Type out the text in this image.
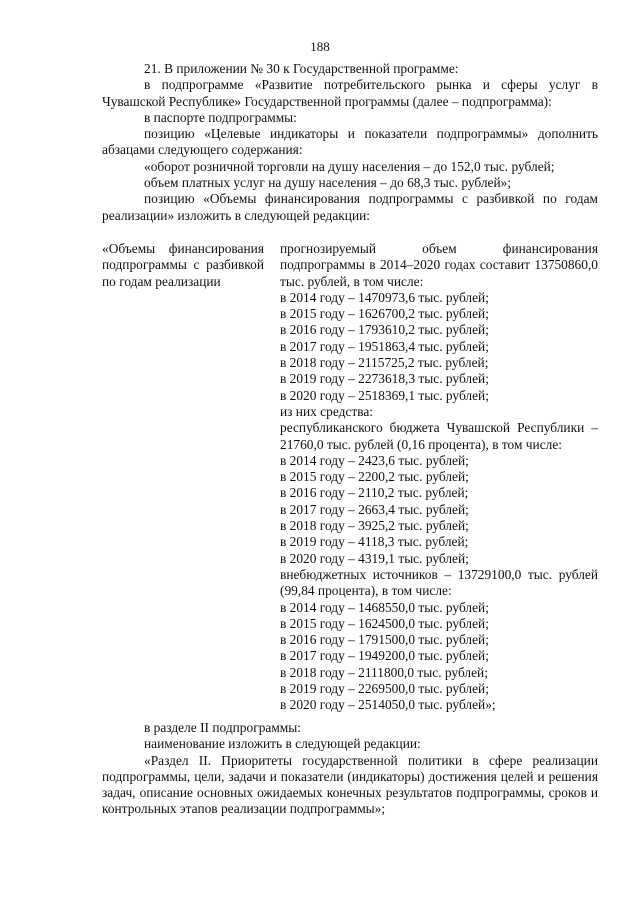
188

21. В приложении № 30 к Государственной программе:

в подпрограмме «Развитие потребительского рынка и сферы услуг в Чувашской Республике» Государственной программы (далее – подпрограмма):

в паспорте подпрограммы:

позицию «Целевые индикаторы и показатели подпрограммы» дополнить абзацами следующего содержания:

«оборот розничной торговли на душу населения – до 152,0 тыс. рублей;

объем платных услуг на душу населения – до 68,3 тыс. рублей»;

позицию «Объемы финансирования подпрограммы с разбивкой по годам реализации» изложить в следующей редакции:

«Объемы финансирования подпрограммы с разбивкой по годам реализации

прогнозируемый объем финансирования подпрограммы в 2014–2020 годах составит 13750860,0 тыс. рублей, в том числе:

в 2014 году – 1470973,6 тыс. рублей;

в 2015 году – 1626700,2 тыс. рублей;

в 2016 году – 1793610,2 тыс. рублей;

в 2017 году – 1951863,4 тыс. рублей;

в 2018 году – 2115725,2 тыс. рублей;

в 2019 году – 2273618,3 тыс. рублей;

в 2020 году – 2518369,1 тыс. рублей;

из них средства:

республиканского бюджета Чувашской Республики – 21760,0 тыс. рублей (0,16 процента), в том числе:

в 2014 году – 2423,6 тыс. рублей;

в 2015 году – 2200,2 тыс. рублей;

в 2016 году – 2110,2 тыс. рублей;

в 2017 году – 2663,4 тыс. рублей;

в 2018 году – 3925,2 тыс. рублей;

в 2019 году – 4118,3 тыс. рублей;

в 2020 году – 4319,1 тыс. рублей;

внебюджетных источников – 13729100,0 тыс. рублей (99,84 процента), в том числе:

в 2014 году – 1468550,0 тыс. рублей;

в 2015 году – 1624500,0 тыс. рублей;

в 2016 году – 1791500,0 тыс. рублей;

в 2017 году – 1949200,0 тыс. рублей;

в 2018 году – 2111800,0 тыс. рублей;

в 2019 году – 2269500,0 тыс. рублей;

в 2020 году – 2514050,0 тыс. рублей»;

в разделе II подпрограммы:

наименование изложить в следующей редакции:

«Раздел II. Приоритеты государственной политики в сфере реализации подпрограммы, цели, задачи и показатели (индикаторы) достижения целей и решения задач, описание основных ожидаемых конечных результатов подпрограммы, сроков и контрольных этапов реализации подпрограммы»;
